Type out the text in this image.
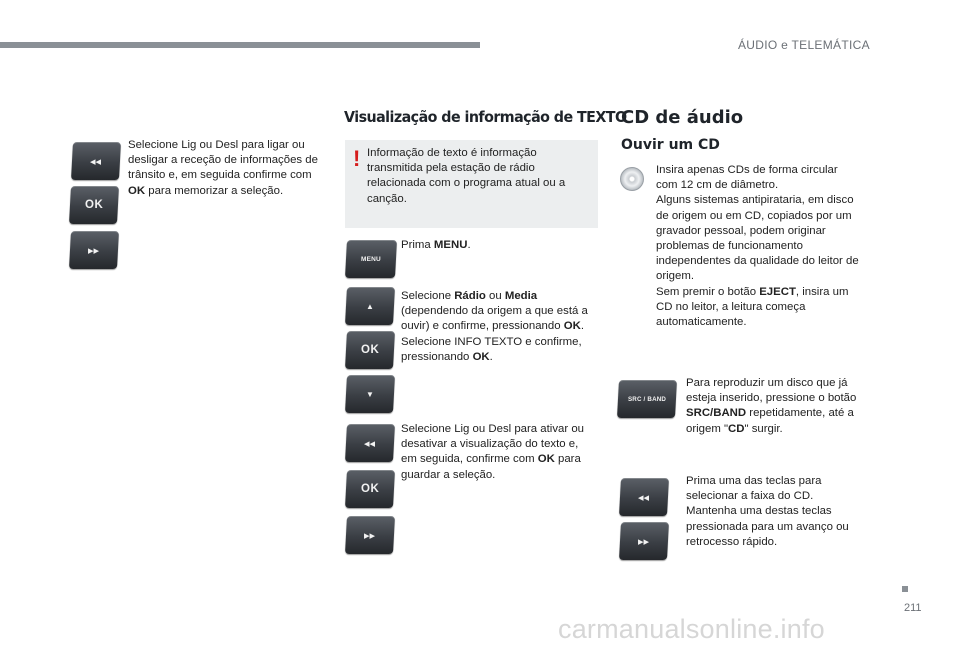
ÁUDIO e TELEMÁTICA
◂◂
OK
▸▸
Selecione Lig ou Desl para ligar ou desligar a receção de informações de trânsito e, em seguida confirme com OK para memorizar a seleção.
Visualização de informação de TEXTO
! Informação de texto é informação transmitida pela estação de rádio relacionada com o programa atual ou a canção.
MENU
Prima MENU.
▲
OK
▼
Selecione Rádio ou Media (dependendo da origem a que está a ouvir) e confirme, pressionando OK.
Selecione INFO TEXTO e confirme, pressionando OK.
◂◂
OK
▸▸
Selecione Lig ou Desl para ativar ou desativar a visualização do texto e, em seguida, confirme com OK para guardar a seleção.
CD de áudio
Ouvir um CD
Insira apenas CDs de forma circular com 12 cm de diâmetro.
Alguns sistemas antipirataria, em disco de origem ou em CD, copiados por um gravador pessoal, podem originar problemas de funcionamento independentes da qualidade do leitor de origem.
Sem premir o botão EJECT, insira um CD no leitor, a leitura começa automaticamente.
SRC / BAND
Para reproduzir um disco que já esteja inserido, pressione o botão SRC/BAND repetidamente, até a origem "CD" surgir.
◂◂
▸▸
Prima uma das teclas para selecionar a faixa do CD.
Mantenha uma destas teclas pressionada para um avanço ou retrocesso rápido.
211
carmanualsonline.info
